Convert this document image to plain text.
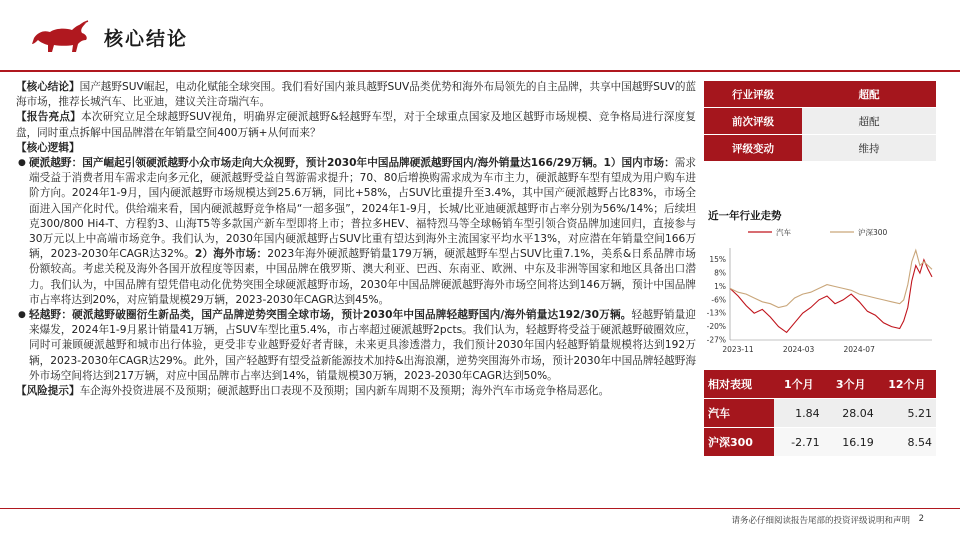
核心结论

【核心结论】国产越野SUV崛起，电动化赋能全球突围。我们看好国内兼具越野SUV品类优势和海外布局领先的自主品牌，共享中国越野SUV的蓝海市场，推荐长城汽车、比亚迪，建议关注奇瑞汽车。

【报告亮点】本次研究立足全球越野SUV视角，明确界定硬派越野&轻越野车型，对于全球重点国家及地区越野市场规模、竞争格局进行深度复盘，同时重点拆解中国品牌潜在年销量空间400万辆+从何而来？

【核心逻辑】

● 硬派越野：国产崛起引领硬派越野小众市场走向大众视野，预计2030年中国品牌硬派越野国内/海外销量达166/29万辆。1）国内市场：需求端受益于消费者用车需求走向多元化，硬派越野受益自驾游需求提升；70、80后增换购需求成为车市主力，硬派越野车型有望成为用户购车进阶方向。2024年1-9月，国内硬派越野市场规模达到25.6万辆，同比+58%，占SUV比重提升至3.4%，其中国产硬派越野占比83%，市场全面进入国产化时代。供给端来看，国内硬派越野竞争格局“一超多强”，2024年1-9月，长城/比亚迪硬派越野市占率分别为56%/14%；后续坦克300/800 Hi4-T、方程豹3、山海T5等多款国产新车型即将上市；普拉多HEV、福特烈马等全球畅销车型引领合资品牌加速回归，直接参与30万元以上中高端市场竞争。我们认为，2030年国内硬派越野占SUV比重有望达到海外主流国家平均水平13%，对应潜在年销量空间166万辆，2023-2030年CAGR达32%。2）海外市场：2023年海外硬派越野销量179万辆，硬派越野车型占SUV比重7.1%，美系&日系品牌市场份额较高。考虑关税及海外各国开放程度等因素，中国品牌在俄罗斯、澳大利亚、巴西、东南亚、欧洲、中东及非洲等国家和地区具备出口潜力。我们认为，中国品牌有望凭借电动化优势突围全球硬派越野市场，2030年中国品牌硬派越野海外市场空间将达到146万辆，预计中国品牌市占率将达到20%，对应销量规模29万辆，2023-2030年CAGR达到45%。
● 轻越野：硬派越野破圈衍生新品类，国产品牌逆势突围全球市场，预计2030年中国品牌轻越野国内/海外销量达192/30万辆。轻越野销量迎来爆发，2024年1-9月累计销量41万辆，占SUV车型比重5.4%，市占率超过硬派越野2pcts。我们认为，轻越野将受益于硬派越野破圈效应，同时可兼顾硬派越野和城市出行体验，更受非专业越野爱好者青睐，未来更具渗透潜力，我们预计2030年国内轻越野销量规模将达到192万辆，2023-2030年CAGR达29%。此外，国产轻越野有望受益新能源技术加持&出海浪潮，逆势突围海外市场，预计2030年中国品牌轻越野海外市场空间将达到217万辆，对应中国品牌市占率达到14%，销量规模30万辆，2023-2030年CAGR达到50%。

【风险提示】车企海外投资进展不及预期；硬派越野出口表现不及预期；国内新车周期不及预期；海外汽车市场竞争格局恶化。

行业评级	超配
前次评级	超配
评级变动	维持
近一年行业走势
汽车	沪深300
15%
8%
1%
-6%
-13%
-20%
-27%
2023-11	2024-03	2024-07
相对表现	1个月	3个月	12个月
汽车	1.84	28.04	5.21
沪深300	-2.71	16.19	8.54
请务必仔细阅读报告尾部的投资评级说明和声明 2
